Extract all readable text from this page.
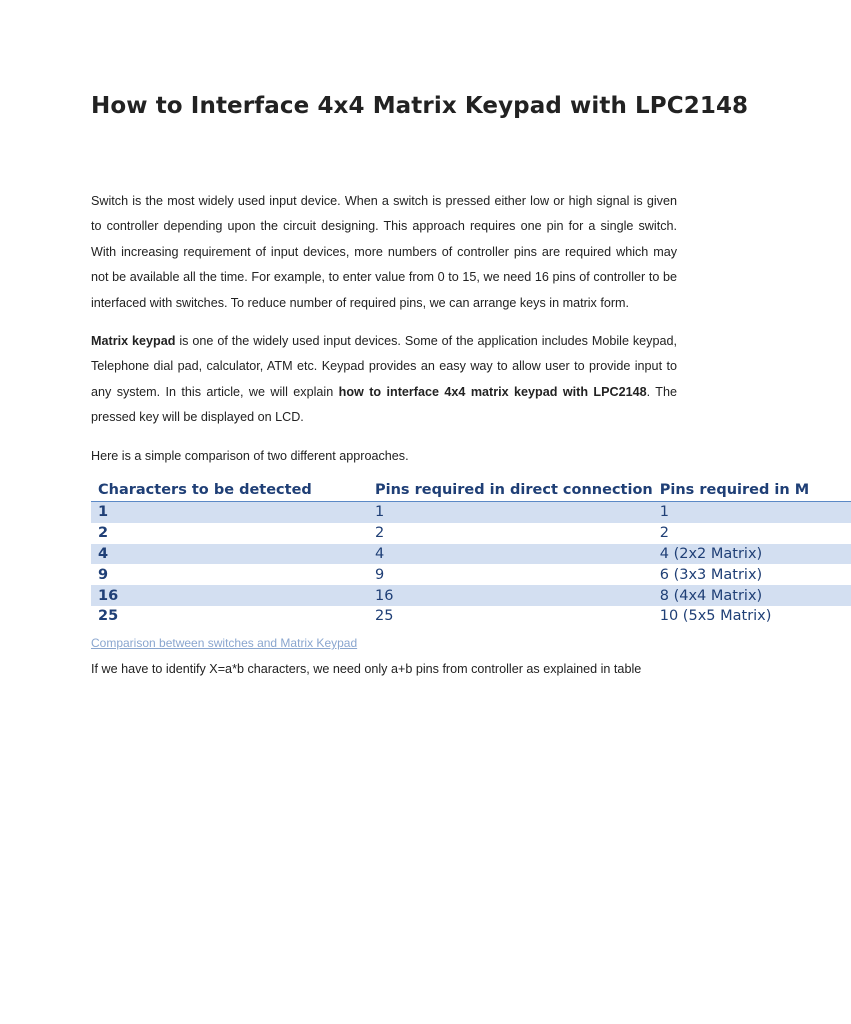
How to Interface 4x4 Matrix Keypad with LPC2148

Switch is the most widely used input device. When a switch is pressed either low or high signal is given to controller depending upon the circuit designing. This approach requires one pin for a single switch. With increasing requirement of input devices, more numbers of controller pins are required which may not be available all the time. For example, to enter value from 0 to 15, we need 16 pins of controller to be interfaced with switches. To reduce number of required pins, we can arrange keys in matrix form.

Matrix keypad is one of the widely used input devices. Some of the application includes Mobile keypad, Telephone dial pad, calculator, ATM etc. Keypad provides an easy way to allow user to provide input to any system. In this article, we will explain how to interface 4x4 matrix keypad with LPC2148. The pressed key will be displayed on LCD.

Here is a simple comparison of two different approaches.

Characters to be detected	Pins required in direct connection	Pins required in M
1	1	1
2	2	2
4	4	4 (2x2 Matrix)
9	9	6 (3x3 Matrix)
16	16	8 (4x4 Matrix)
25	25	10 (5x5 Matrix)

Comparison between switches and Matrix Keypad

If we have to identify X=a*b characters, we need only a+b pins from controller as explained in table
